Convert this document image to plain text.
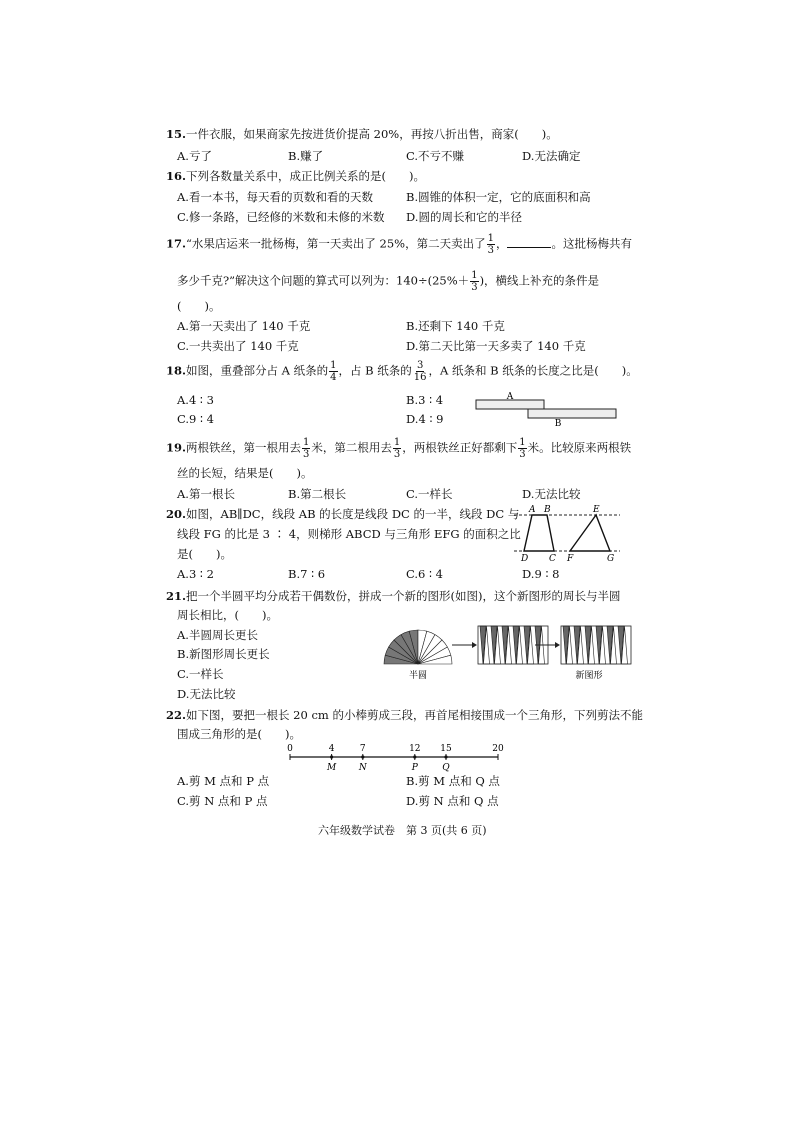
15.一件衣服，如果商家先按进货价提高 20%，再按八折出售，商家(　　)。
A.亏了	B.赚了	C.不亏不赚	D.无法确定
16.下列各数量关系中，成正比例关系的是(　　)。
A.看一本书，每天看的页数和看的天数	B.圆锥的体积一定，它的底面积和高
C.修一条路，已经修的米数和未修的米数 D.圆的周长和它的半径
17.“水果店运来一批杨梅，第一天卖出了 25%，第二天卖出了 $\frac{1}{3}$ ，	。这批杨梅共有
多少千克?”解决这个问题的算式可以列为：$140\div(25\%+ \frac{1}{3}$ )，横线上补充的条件是
(　　)。
A.第一天卖出了 140 千克	B.还剩下 140 千克
C.一共卖出了 140 千克	D.第二天比第一天多卖了 140 千克
18.如图，重叠部分占 A 纸条的 $\frac{1}{4}$ ，占 B 纸条的 $\frac{3}{16}$ ，A 纸条和 B 纸条的长度之比是(　　)。
A.4 ∶ 3	B.3 ∶ 4
C.9 ∶ 4	D.4 ∶ 9
A
B
19.两根铁丝，第一根用去 $\frac{1}{3}$ 米，第二根用去 $\frac{1}{3}$ ，两根铁丝正好都剩下 $\frac{1}{3}$ 米。比较原来两根铁
丝的长短，结果是(　　)。
A.第一根长	B.第二根长	C.一样长	D.无法比较
20.如图，AB∥DC，线段 AB 的长度是线段 DC 的一半，线段 DC 与
线段 FG 的比是 3 ∶ 4，则梯形 ABCD 与三角形 EFG 的面积之比
是(　　)。
A.3 ∶ 2	B.7 ∶ 6	C.6 ∶ 4	D.9 ∶ 8
A B	E
D C F	G
21.把一个半圆平均分成若干偶数份，拼成一个新的图形(如图)，这个新图形的周长与半圆
周长相比，(　　)。
A.半圆周长更长
B.新图形周长更长
C.一样长
D.无法比较
半圆	新图形
22.如下图，要把一根长 20 cm 的小棒剪成三段，再首尾相接围成一个三角形，下列剪法不能
围成三角形的是(　　)。
0	4
M
7
N
12
P
15
Q
20
A.剪 M 点和 P 点	B.剪 M 点和 Q 点
C.剪 N 点和 P 点	D.剪 N 点和 Q 点
六年级数学试卷　第 3 页(共 6 页)
